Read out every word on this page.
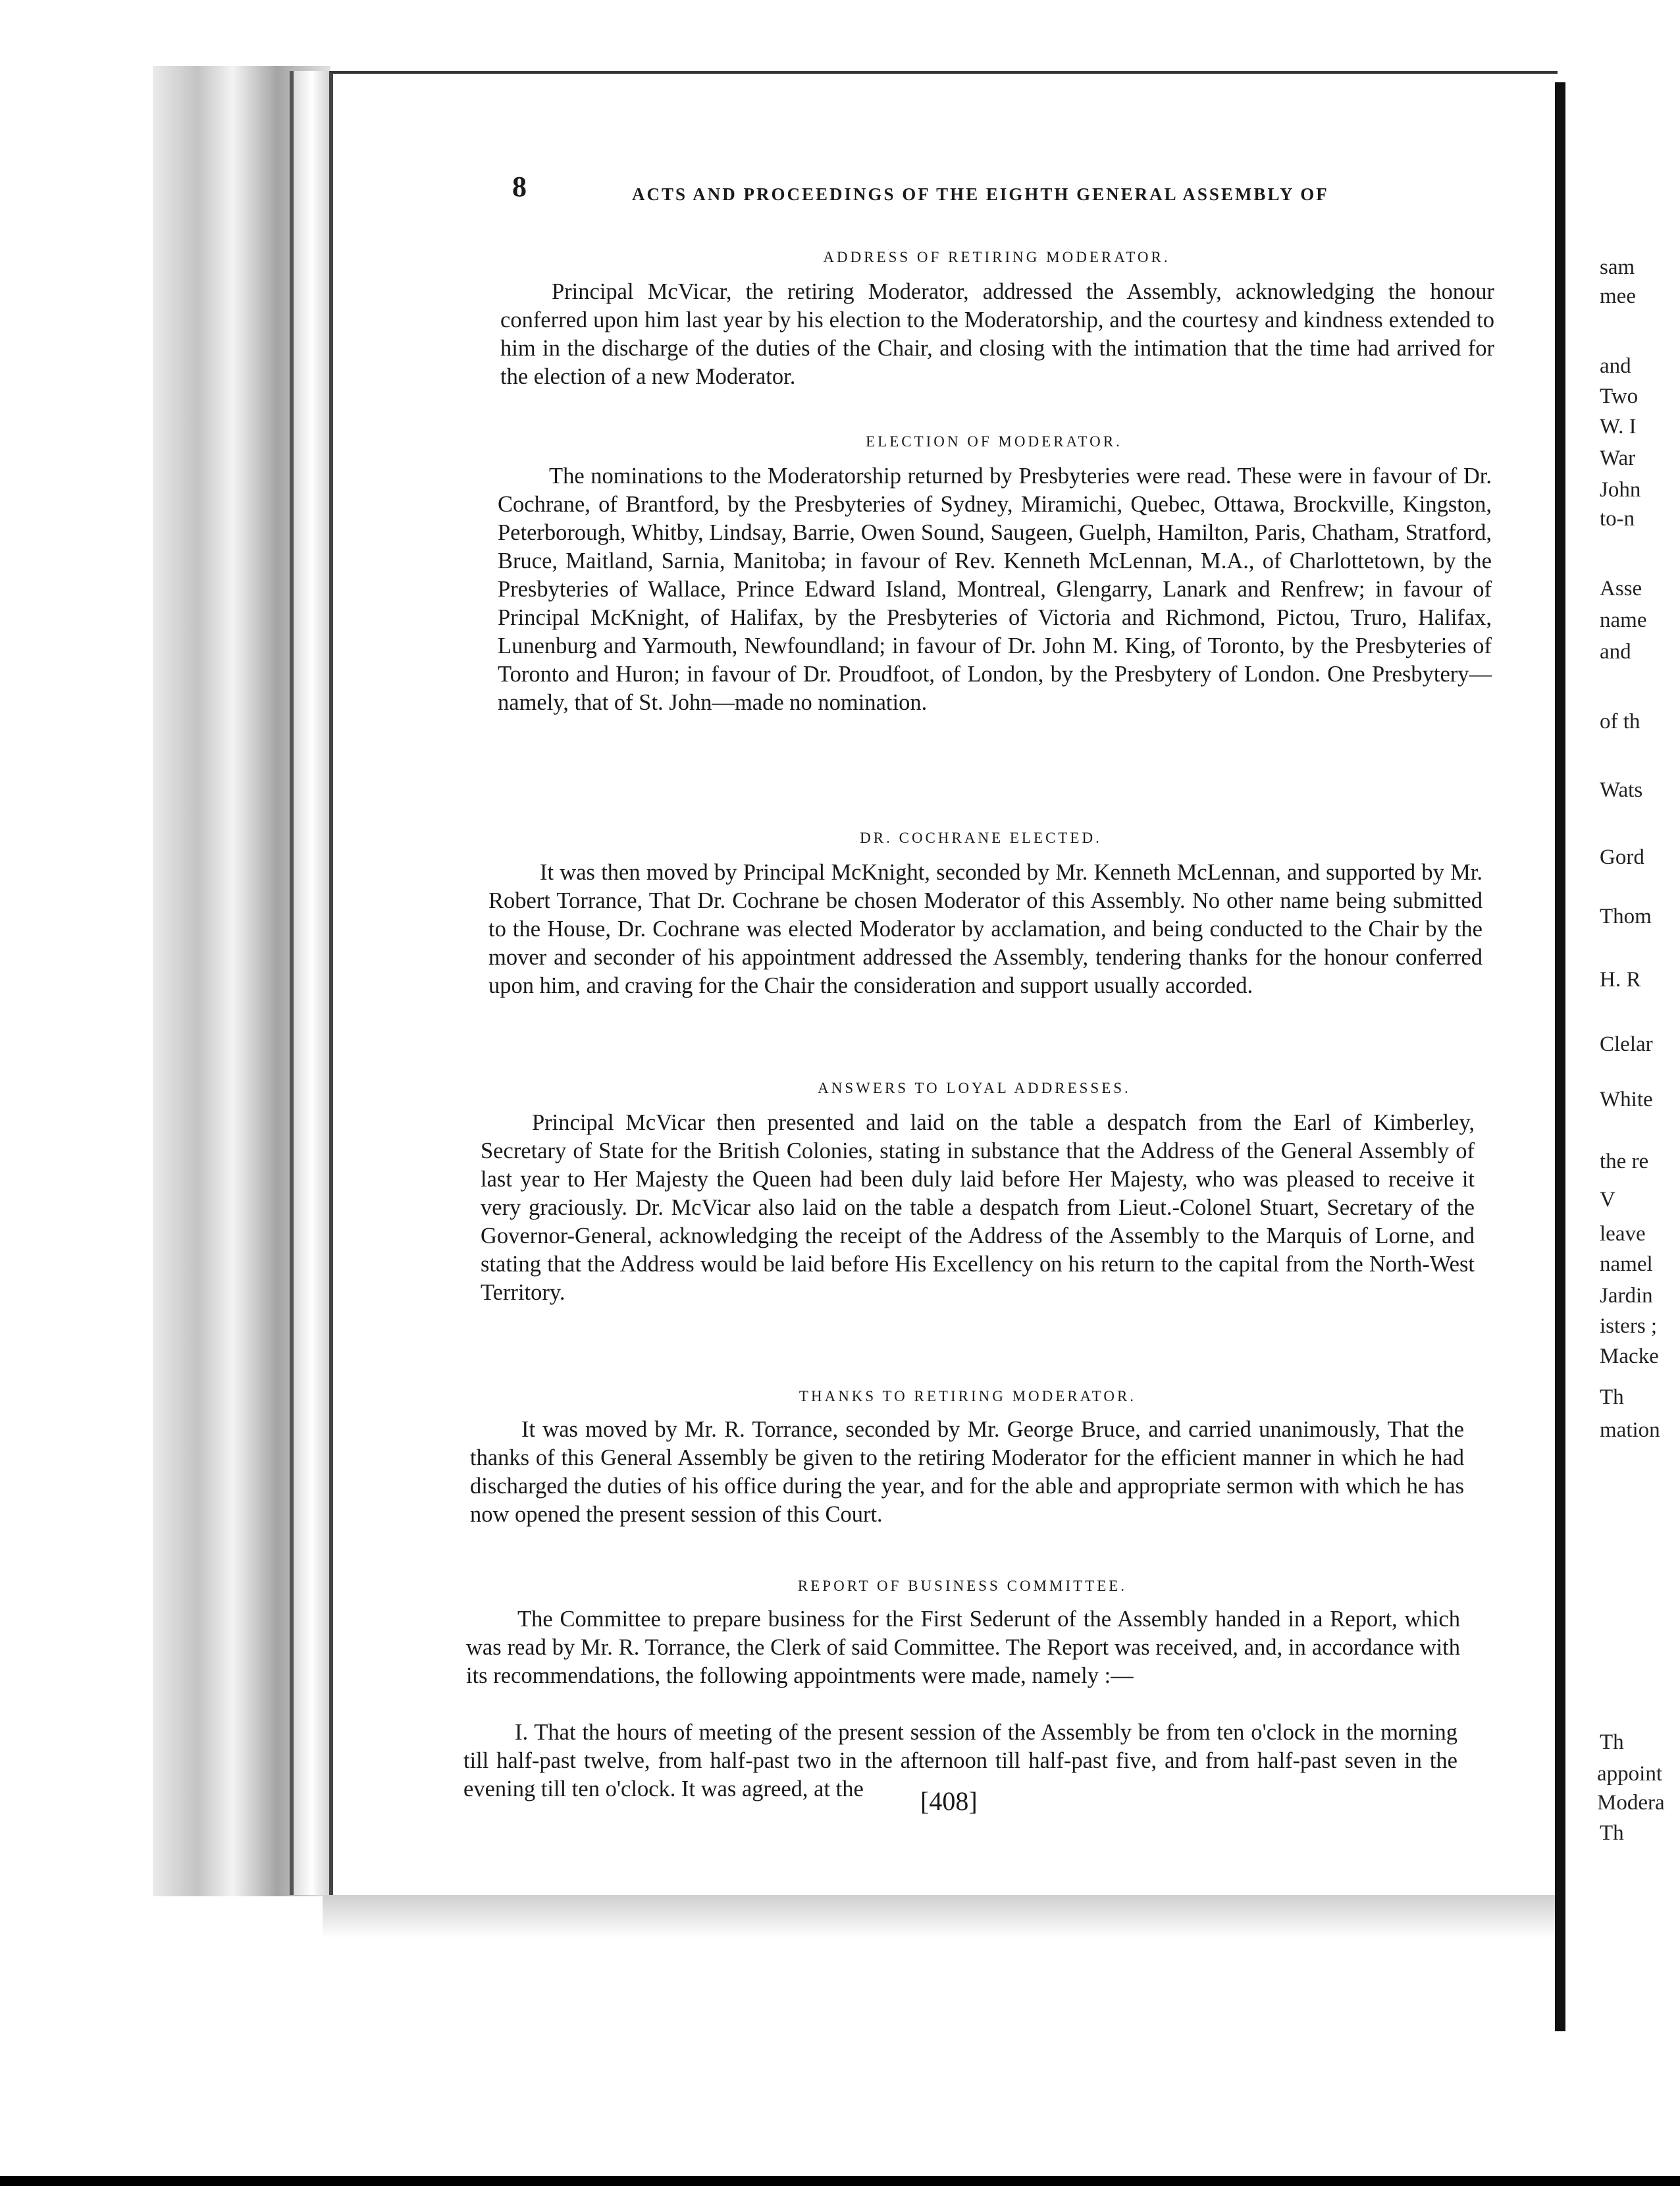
8	ACTS AND PROCEEDINGS OF THE EIGHTH GENERAL ASSEMBLY OF
ADDRESS OF RETIRING MODERATOR.
Principal McVicar, the retiring Moderator, addressed the Assembly, acknowledging the honour conferred upon him last year by his election to the Moderatorship, and the courtesy and kindness extended to him in the discharge of the duties of the Chair, and closing with the intimation that the time had arrived for the election of a new Moderator.
ELECTION OF MODERATOR.
The nominations to the Moderatorship returned by Presbyteries were read. These were in favour of Dr. Cochrane, of Brantford, by the Presbyteries of Sydney, Miramichi, Quebec, Ottawa, Brockville, Kingston, Peterborough, Whitby, Lindsay, Barrie, Owen Sound, Saugeen, Guelph, Hamilton, Paris, Chatham, Stratford, Bruce, Maitland, Sarnia, Manitoba; in favour of Rev. Kenneth McLennan, M.A., of Charlottetown, by the Presbyteries of Wallace, Prince Edward Island, Montreal, Glengarry, Lanark and Renfrew; in favour of Principal McKnight, of Halifax, by the Presbyteries of Victoria and Richmond, Pictou, Truro, Halifax, Lunenburg and Yarmouth, Newfoundland; in favour of Dr. John M. King, of Toronto, by the Presbyteries of Toronto and Huron; in favour of Dr. Proudfoot, of London, by the Presbytery of London. One Presbytery—namely, that of St. John—made no nomination.
DR. COCHRANE ELECTED.
It was then moved by Principal McKnight, seconded by Mr. Kenneth McLennan, and supported by Mr. Robert Torrance, That Dr. Cochrane be chosen Moderator of this Assembly. No other name being submitted to the House, Dr. Cochrane was elected Moderator by acclamation, and being conducted to the Chair by the mover and seconder of his appointment addressed the Assembly, tendering thanks for the honour conferred upon him, and craving for the Chair the consideration and support usually accorded.
ANSWERS TO LOYAL ADDRESSES.
Principal McVicar then presented and laid on the table a despatch from the Earl of Kimberley, Secretary of State for the British Colonies, stating in substance that the Address of the General Assembly of last year to Her Majesty the Queen had been duly laid before Her Majesty, who was pleased to receive it very graciously. Dr. McVicar also laid on the table a despatch from Lieut.-Colonel Stuart, Secretary of the Governor-General, acknowledging the receipt of the Address of the Assembly to the Marquis of Lorne, and stating that the Address would be laid before His Excellency on his return to the capital from the North-West Territory.
THANKS TO RETIRING MODERATOR.
It was moved by Mr. R. Torrance, seconded by Mr. George Bruce, and carried unanimously, That the thanks of this General Assembly be given to the retiring Moderator for the efficient manner in which he had discharged the duties of his office during the year, and for the able and appropriate sermon with which he has now opened the present session of this Court.
REPORT OF BUSINESS COMMITTEE.
The Committee to prepare business for the First Sederunt of the Assembly handed in a Report, which was read by Mr. R. Torrance, the Clerk of said Committee. The Report was received, and, in accordance with its recommendations, the following appointments were made, namely :—
I. That the hours of meeting of the present session of the Assembly be from ten o'clock in the morning till half-past twelve, from half-past two in the afternoon till half-past five, and from half-past seven in the evening till ten o'clock. It was agreed, at the	[408]
sam
mee
and
Two
W. I
War
John
to-n
Asse
name
and
of th
Wats
Gord
Thom
H. R
Clelar
White
the re
V
leave
namel
Jardin
isters ;
Macke
Th
mation
Th
appoint
Modera
Th
